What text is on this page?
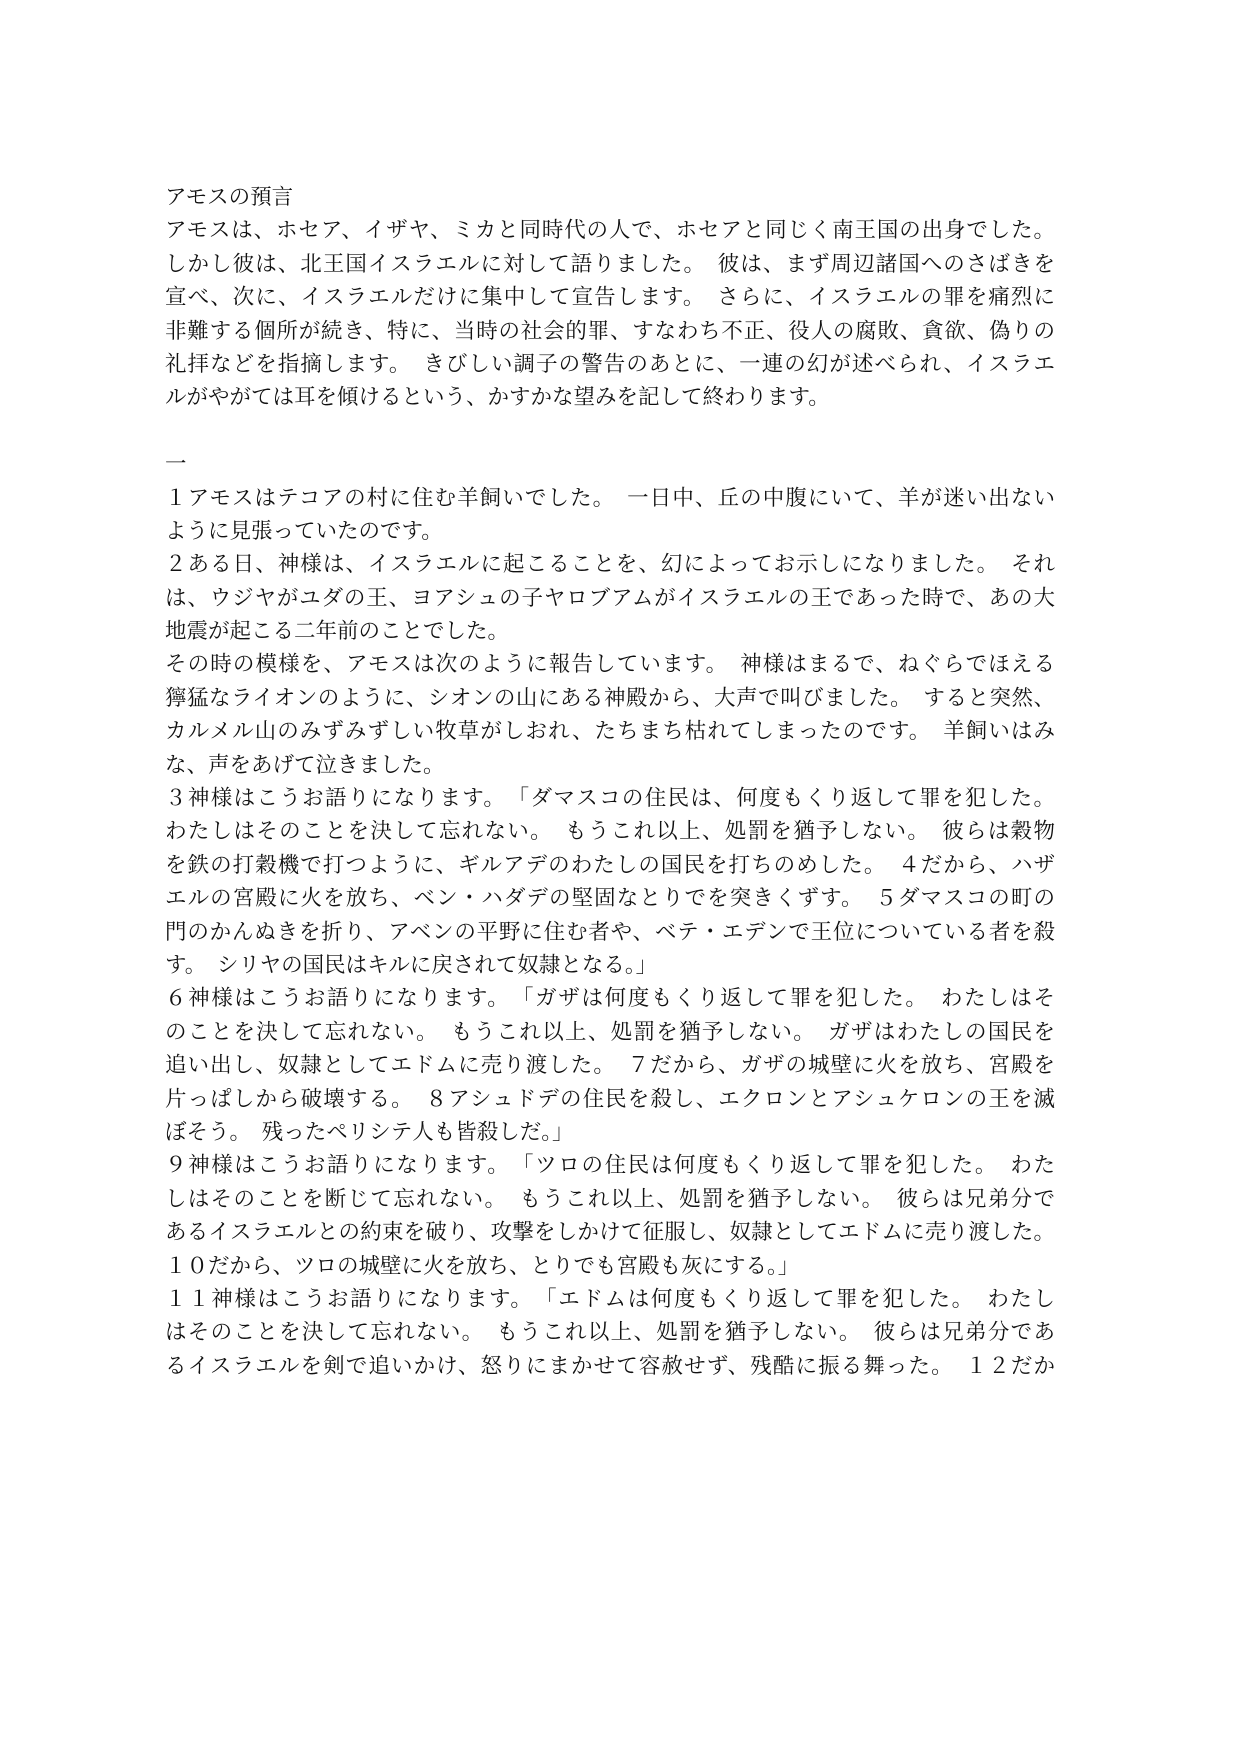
アモスの預言
アモスは、ホセア、イザヤ、ミカと同時代の人で、ホセアと同じく南王国の出身でした。
しかし彼は、北王国イスラエルに対して語りました。　彼は、まず周辺諸国へのさばきを
宣べ、次に、イスラエルだけに集中して宣告します。　さらに、イスラエルの罪を痛烈に
非難する個所が続き、特に、当時の社会的罪、すなわち不正、役人の腐敗、貪欲、偽りの
礼拝などを指摘します。　きびしい調子の警告のあとに、一連の幻が述べられ、イスラエ
ルがやがては耳を傾けるという、かすかな望みを記して終わります。
一
１アモスはテコアの村に住む羊飼いでした。　一日中、丘の中腹にいて、羊が迷い出ない
ように見張っていたのです。
２ある日、神様は、イスラエルに起こることを、幻によってお示しになりました。　それ
は、ウジヤがユダの王、ヨアシュの子ヤロブアムがイスラエルの王であった時で、あの大
地震が起こる二年前のことでした。
その時の模様を、アモスは次のように報告しています。　神様はまるで、ねぐらでほえる
獰猛なライオンのように、シオンの山にある神殿から、大声で叫びました。　すると突然、
カルメル山のみずみずしい牧草がしおれ、たちまち枯れてしまったのです。　羊飼いはみ
な、声をあげて泣きました。
３神様はこうお語りになります。　「ダマスコの住民は、何度もくり返して罪を犯した。
わたしはそのことを決して忘れない。　もうこれ以上、処罰を猶予しない。　彼らは穀物
を鉄の打穀機で打つように、ギルアデのわたしの国民を打ちのめした。　４だから、ハザ
エルの宮殿に火を放ち、ベン・ハダデの堅固なとりでを突きくずす。　５ダマスコの町の
門のかんぬきを折り、アベンの平野に住む者や、ベテ・エデンで王位についている者を殺
す。　シリヤの国民はキルに戻されて奴隷となる。」
６神様はこうお語りになります。　「ガザは何度もくり返して罪を犯した。　わたしはそ
のことを決して忘れない。　もうこれ以上、処罰を猶予しない。　ガザはわたしの国民を
追い出し、奴隷としてエドムに売り渡した。　７だから、ガザの城壁に火を放ち、宮殿を
片っぱしから破壊する。　８アシュドデの住民を殺し、エクロンとアシュケロンの王を滅
ぼそう。　残ったペリシテ人も皆殺しだ。」
９神様はこうお語りになります。　「ツロの住民は何度もくり返して罪を犯した。　わた
しはそのことを断じて忘れない。　もうこれ以上、処罰を猶予しない。　彼らは兄弟分で
あるイスラエルとの約束を破り、攻撃をしかけて征服し、奴隷としてエドムに売り渡した。
１０だから、ツロの城壁に火を放ち、とりでも宮殿も灰にする。」
１１神様はこうお語りになります。　「エドムは何度もくり返して罪を犯した。　わたし
はそのことを決して忘れない。　もうこれ以上、処罰を猶予しない。　彼らは兄弟分であ
るイスラエルを剣で追いかけ、怒りにまかせて容赦せず、残酷に振る舞った。　１２だか
